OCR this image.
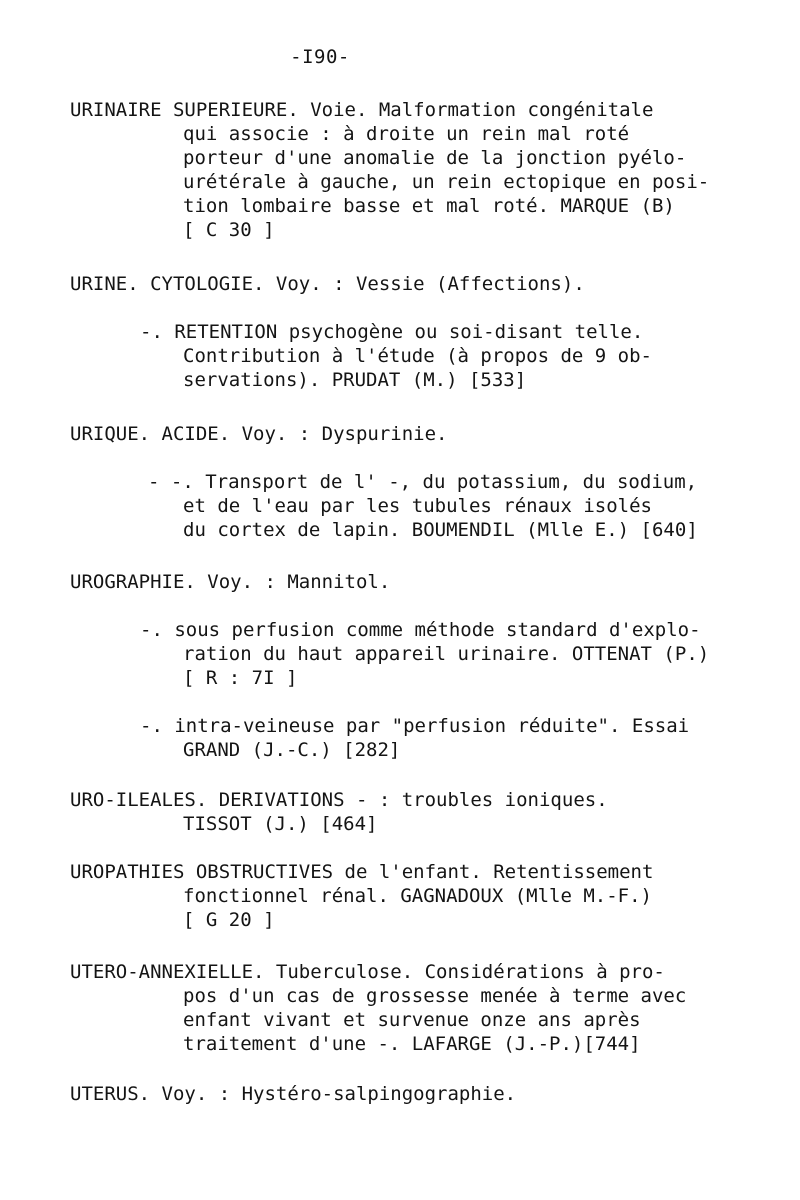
-I90-
URINAIRE SUPERIEURE. Voie. Malformation congénitale
qui associe : à droite un rein mal roté
porteur d'une anomalie de la jonction pyélo-
urétérale à gauche, un rein ectopique en posi-
tion lombaire basse et mal roté. MARQUE (B)
[ C 30 ]
URINE. CYTOLOGIE. Voy. : Vessie (Affections).
-. RETENTION psychogène ou soi-disant telle.
Contribution à l'étude (à propos de 9 ob-
servations). PRUDAT (M.) [533]
URIQUE. ACIDE. Voy. : Dyspurinie.
- -. Transport de l' -, du potassium, du sodium,
et de l'eau par les tubules rénaux isolés
du cortex de lapin. BOUMENDIL (Mlle E.) [640]
UROGRAPHIE. Voy. : Mannitol.
-. sous perfusion comme méthode standard d'explo-
ration du haut appareil urinaire. OTTENAT (P.)
[ R : 7I ]
-. intra-veineuse par "perfusion réduite". Essai
GRAND (J.-C.) [282]
URO-ILEALES. DERIVATIONS - : troubles ioniques.
TISSOT (J.) [464]
UROPATHIES OBSTRUCTIVES de l'enfant. Retentissement
fonctionnel rénal. GAGNADOUX (Mlle M.-F.)
[ G 20 ]
UTERO-ANNEXIELLE. Tuberculose. Considérations à pro-
pos d'un cas de grossesse menée à terme avec
enfant vivant et survenue onze ans après
traitement d'une -. LAFARGE (J.-P.)[744]
UTERUS. Voy. : Hystéro-salpingographie.
